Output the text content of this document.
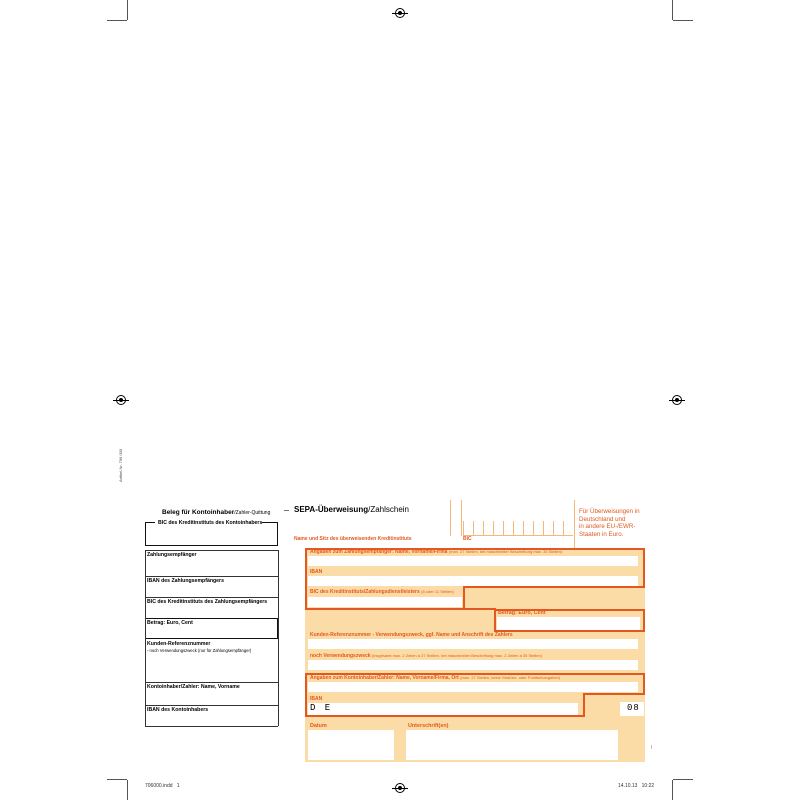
Artikel-Nr. 706 000
Beleg für Kontoinhaber/Zahler-Quittung
BIC des Kreditinstituts des Kontoinhabers
Zahlungsempfänger
IBAN des Zahlungsempfängers
BIC des Kreditinstituts des Zahlungsempfängers
Betrag: Euro, Cent
Kunden-Referenznummer
- noch Verwendungszweck (nur für Zahlungsempfänger)
Kontoinhaber/Zahler: Name, Vorname
IBAN des Kontoinhabers
SEPA-Überweisung/Zahlschein
Name und Sitz des überweisenden Kreditinstituts	BIC
Für Überweisungen in
Deutschland und
in andere EU-/EWR-
Staaten in Euro.
Angaben zum Zahlungsempfänger: Name, Vorname/Firma (max. 27 Stellen, bei maschineller Beschriftung max. 35 Stellen)
IBAN
BIC des Kreditinstituts/Zahlungsdienstleisters (8 oder 11 Stellen)
Betrag: Euro, Cent
Kunden-Referenznummer - Verwendungszweck, ggf. Name und Anschrift des Zahlers
noch Verwendungszweck (insgesamt max. 2 Zeilen à 27 Stellen, bei maschineller Beschriftung max. 2 Zeilen à 35 Stellen)
Angaben zum Kontoinhaber/Zahler: Name, Vorname/Firma, Ort (max. 27 Stellen, keine Straßen- oder Postfachangaben)
IBAN
D E	08
Datum	Unterschrift(en)
I
706000.indd   1	14.10.13   10:22
